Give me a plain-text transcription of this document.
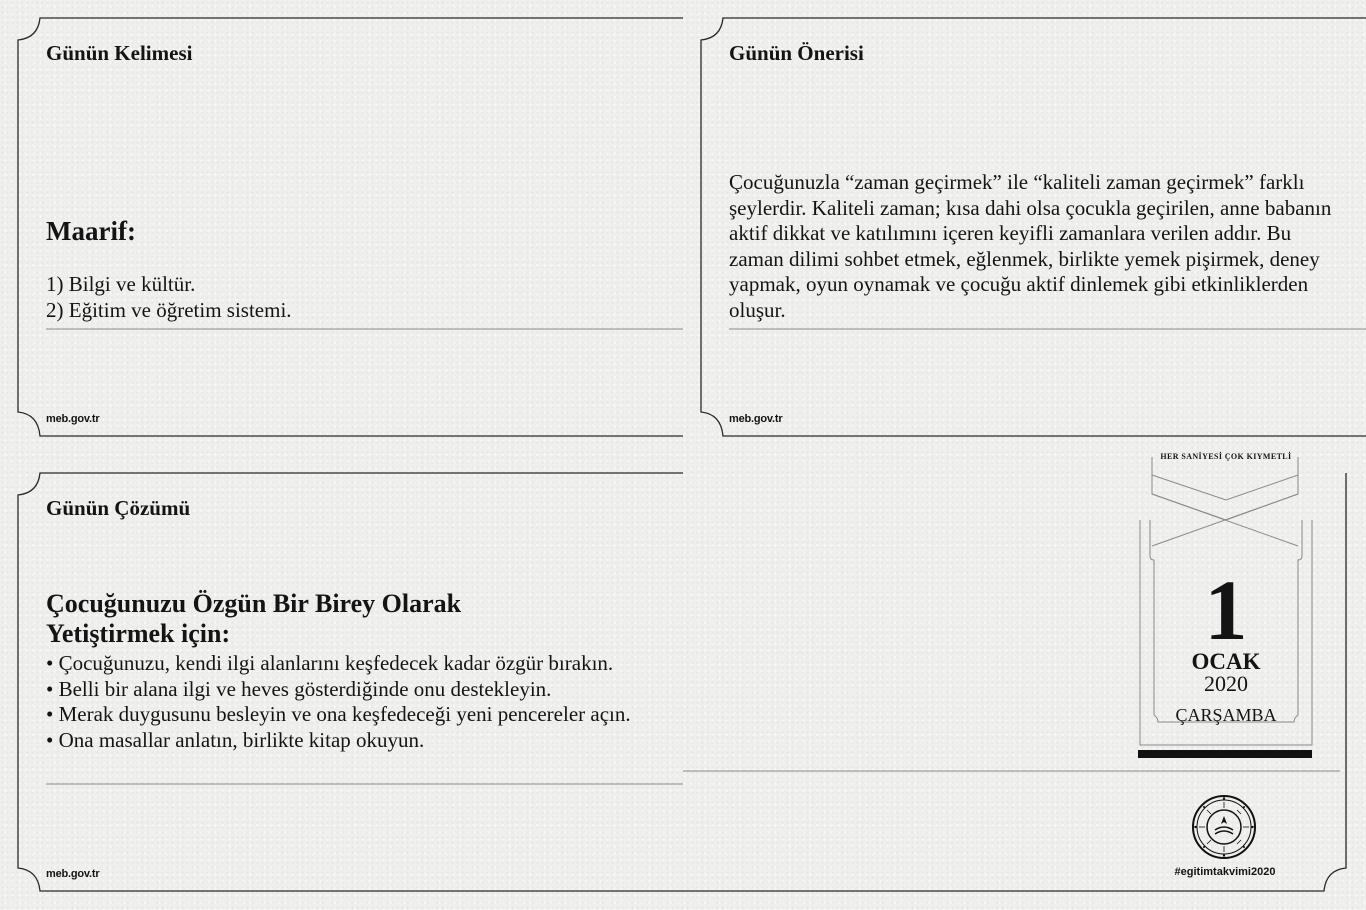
Günün Kelimesi
Maarif:

1) Bilgi ve kültür.

2) Eğitim ve öğretim sistemi.

meb.gov.tr
Günün Önerisi
Çocuğunuzla “zaman geçirmek” ile “kaliteli zaman geçirmek” farklı şeylerdir. Kaliteli zaman; kısa dahi olsa çocukla geçirilen, anne babanın aktif dikkat ve katılımını içeren keyifli zamanlara verilen addır. Bu zaman dilimi sohbet etmek, eğlenmek, birlikte yemek pişirmek, deney yapmak, oyun oynamak ve çocuğu aktif dinlemek gibi etkinliklerden oluşur.
meb.gov.tr
Günün Çözümü
Çocuğunuzu Özgün Bir Birey Olarak Yetiştirmek için:
• Çocuğunuzu, kendi ilgi alanlarını keşfedecek kadar özgür bırakın.
• Belli bir alana ilgi ve heves gösterdiğinde onu destekleyin.
• Merak duygusunu besleyin ve ona keşfedeceği yeni pencereler açın.
• Ona masallar anlatın, birlikte kitap okuyun.
meb.gov.tr
HER SANİYESİ ÇOK KIYMETLİ
1
OCAK
2020
ÇARŞAMBA
#egitimtakvimi2020
